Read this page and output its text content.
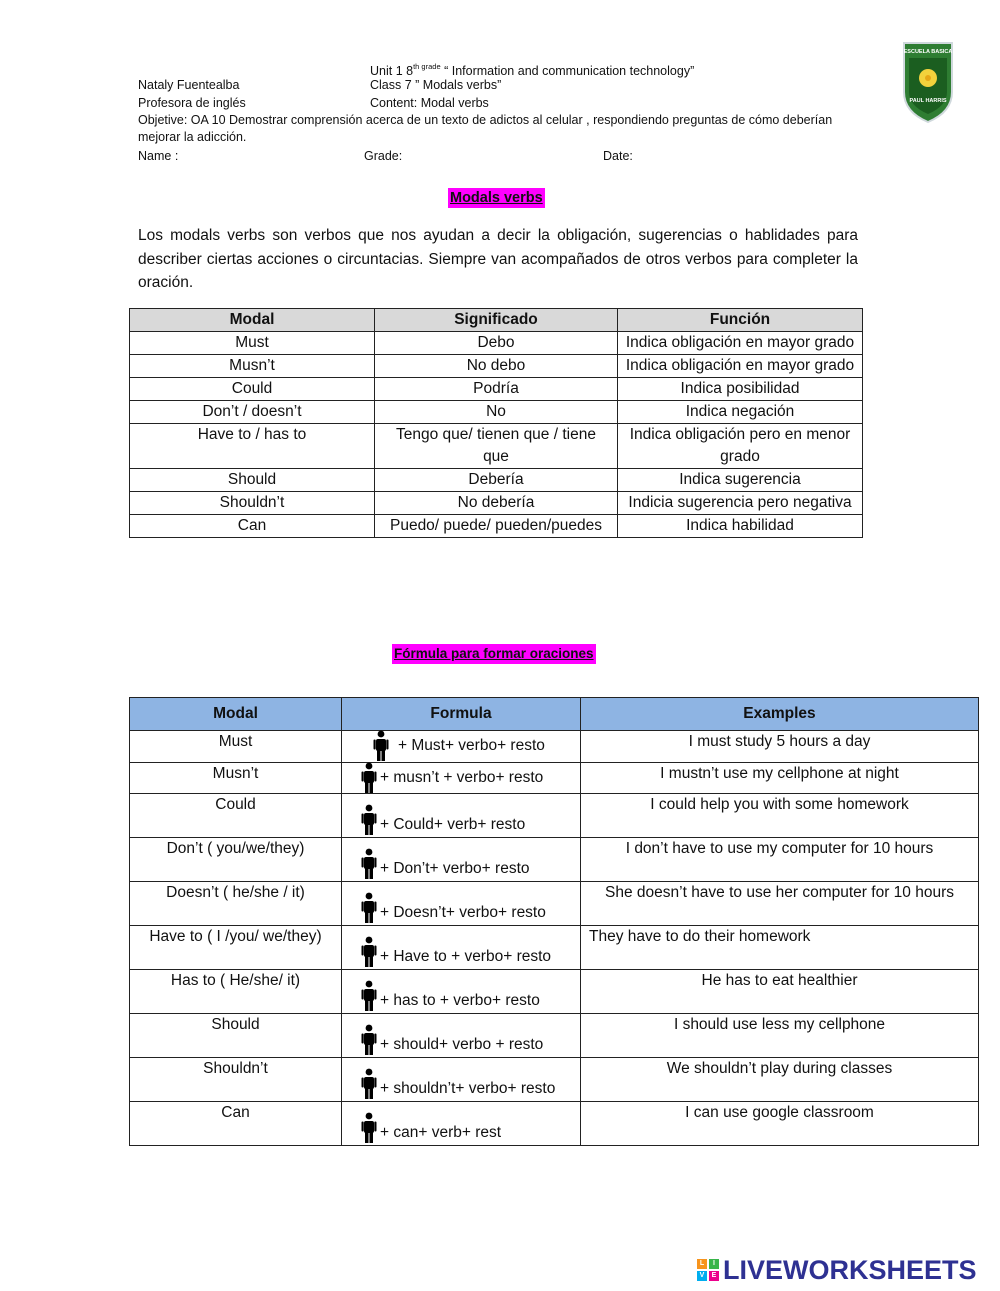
Unit 1 $8^{th grade}$ “ Information and communication technology”
Nataly Fuentealba	Class 7 ” Modals verbs”
Profesora de inglés	Content: Modal verbs
Objetive: OA 10 Demostrar comprensión acerca de un texto de adictos al celular , respondiendo preguntas de cómo deberían mejorar la adicción.
Name :	Grade:	Date:
ESCUELA BASICA
PAUL HARRIS
Modals verbs
Los modals verbs son verbos que nos ayudan a decir la obligación, sugerencias o hablidades para describer ciertas acciones o circuntacias. Siempre van acompañados de otros verbos para completer la oración.
Modal	Significado	Función
Must	Debo	Indica obligación en mayor grado
Musn’t	No debo	Indica obligación en mayor grado
Could	Podría	Indica posibilidad
Don’t / doesn’t	No	Indica negación
Have to / has to	Tengo que/ tienen que / tiene que	Indica obligación pero en menor grado
Should	Debería	Indica sugerencia
Shouldn’t	No debería	Indicia sugerencia pero negativa
Can	Puedo/ puede/ pueden/puedes	Indica habilidad
Fórmula para formar oraciones
Modal	Formula	Examples
Must	+ Must+ verbo+ resto	I must study 5 hours a day
Musn’t	+ musn’t + verbo+ resto	I mustn’t use my cellphone at night
Could	+ Could+ verb+ resto	I could help you with some homework
Don’t ( you/we/they)	+ Don’t+ verbo+ resto	I don’t have to use my computer for 10 hours
Doesn’t ( he/she / it)	+ Doesn’t+ verbo+ resto	She doesn’t have to use her computer for 10 hours
Have to ( I /you/ we/they)	+ Have to + verbo+ resto	They have to do their homework
Has to ( He/she/ it)	+ has to + verbo+ resto	He has to eat healthier
Should	+ should+ verbo + resto	I should use less my cellphone
Shouldn’t	+ shouldn’t+ verbo+ resto	We shouldn’t play during classes
Can	+ can+ verb+ rest	I can use google classroom
L	I
V	E LIVEWORKSHEETS
